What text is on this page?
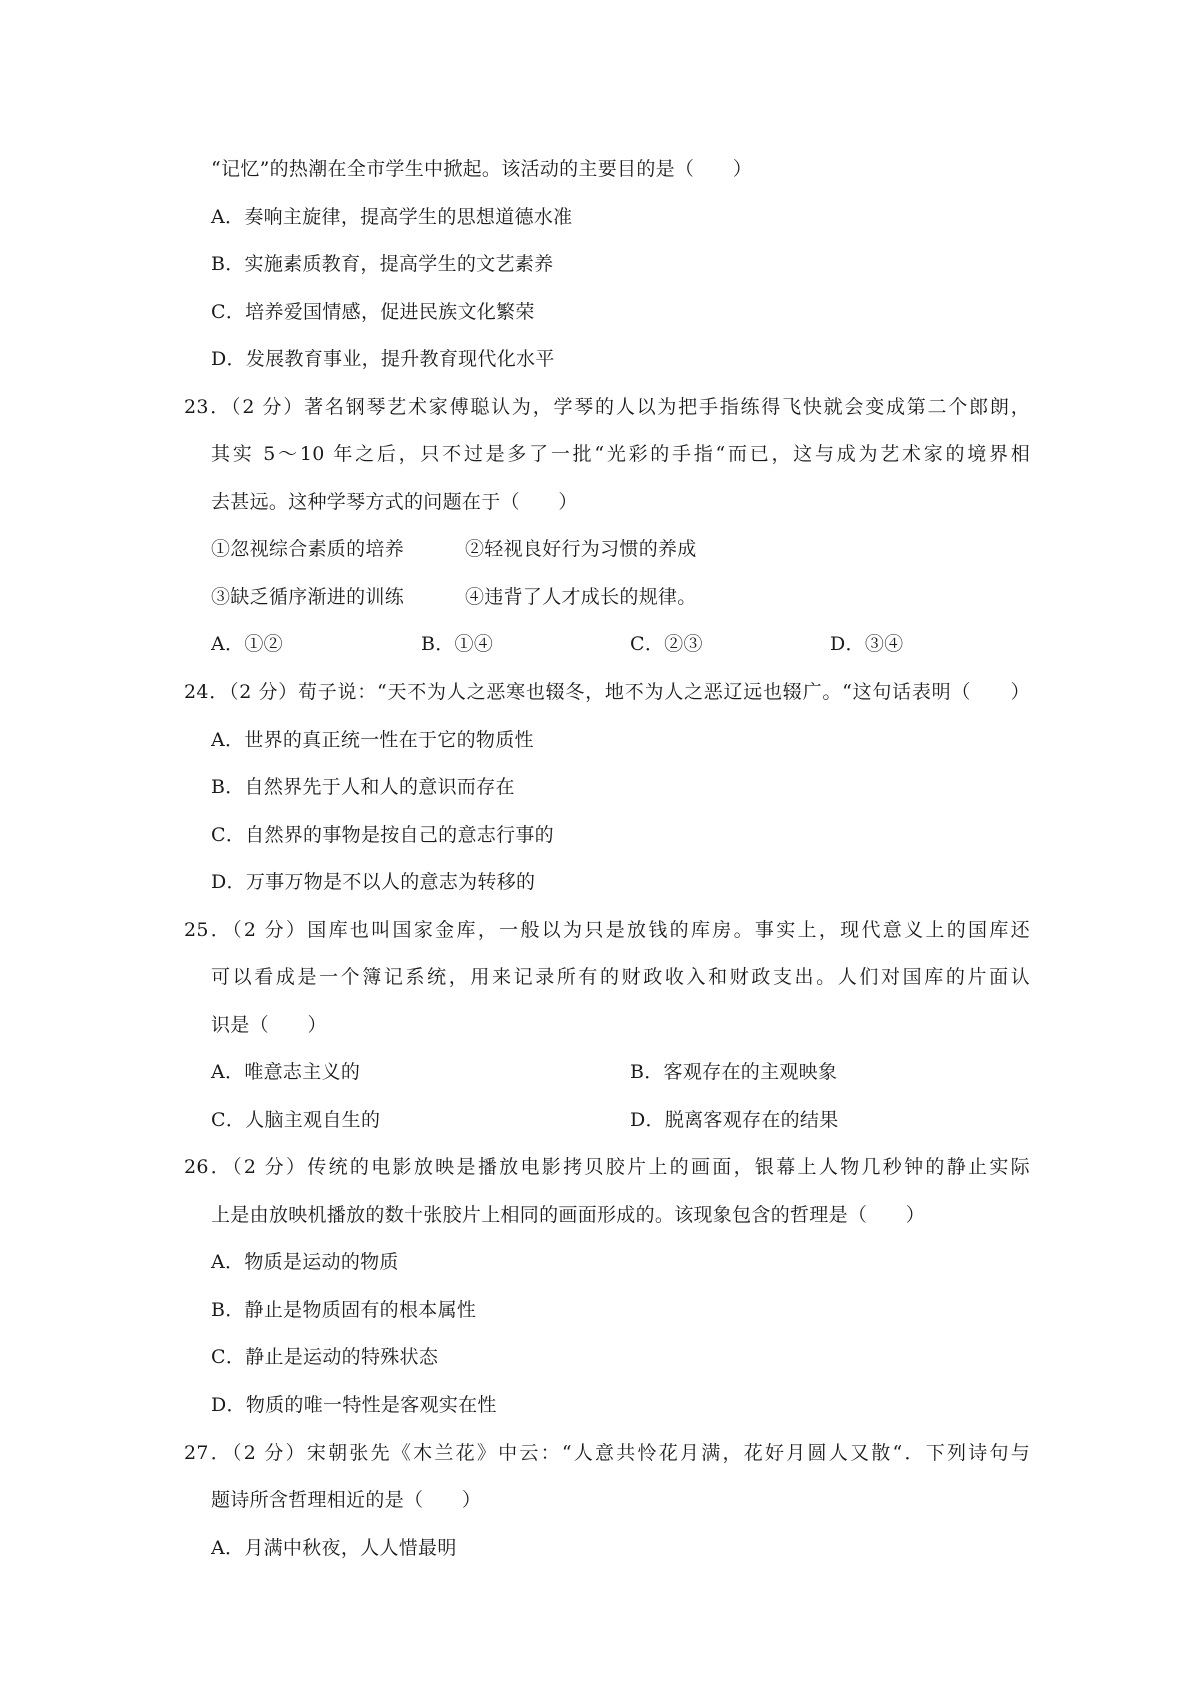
“记忆”的热潮在全市学生中掀起。该活动的主要目的是（　　）
A．奏响主旋律，提高学生的思想道德水准
B．实施素质教育，提高学生的文艺素养
C．培养爱国情感，促进民族文化繁荣
D．发展教育事业，提升教育现代化水平
23．（2 分）著名钢琴艺术家傅聪认为，学琴的人以为把手指练得飞快就会变成第二个郎朗，
其实 5～10 年之后，只不过是多了一批“光彩的手指“而已，这与成为艺术家的境界相
去甚远。这种学琴方式的问题在于（　　）
①忽视综合素质的培养	②轻视良好行为习惯的养成
③缺乏循序渐进的训练	④违背了人才成长的规律。
A．①②	B．①④	C．②③	D．③④
24．（2 分）荀子说：“天不为人之恶寒也辍冬，地不为人之恶辽远也辍广。“这句话表明（　　）
A．世界的真正统一性在于它的物质性
B．自然界先于人和人的意识而存在
C．自然界的事物是按自己的意志行事的
D．万事万物是不以人的意志为转移的
25．（2 分）国库也叫国家金库，一般以为只是放钱的库房。事实上，现代意义上的国库还
可以看成是一个簿记系统，用来记录所有的财政收入和财政支出。人们对国库的片面认
识是（　　）
A．唯意志主义的	B．客观存在的主观映象
C．人脑主观自生的	D．脱离客观存在的结果
26．（2 分）传统的电影放映是播放电影拷贝胶片上的画面，银幕上人物几秒钟的静止实际
上是由放映机播放的数十张胶片上相同的画面形成的。该现象包含的哲理是（　　）
A．物质是运动的物质
B．静止是物质固有的根本属性
C．静止是运动的特殊状态
D．物质的唯一特性是客观实在性
27．（2 分）宋朝张先《木兰花》中云：“人意共怜花月满，花好月圆人又散“．下列诗句与
题诗所含哲理相近的是（　　）
A．月满中秋夜，人人惜最明
